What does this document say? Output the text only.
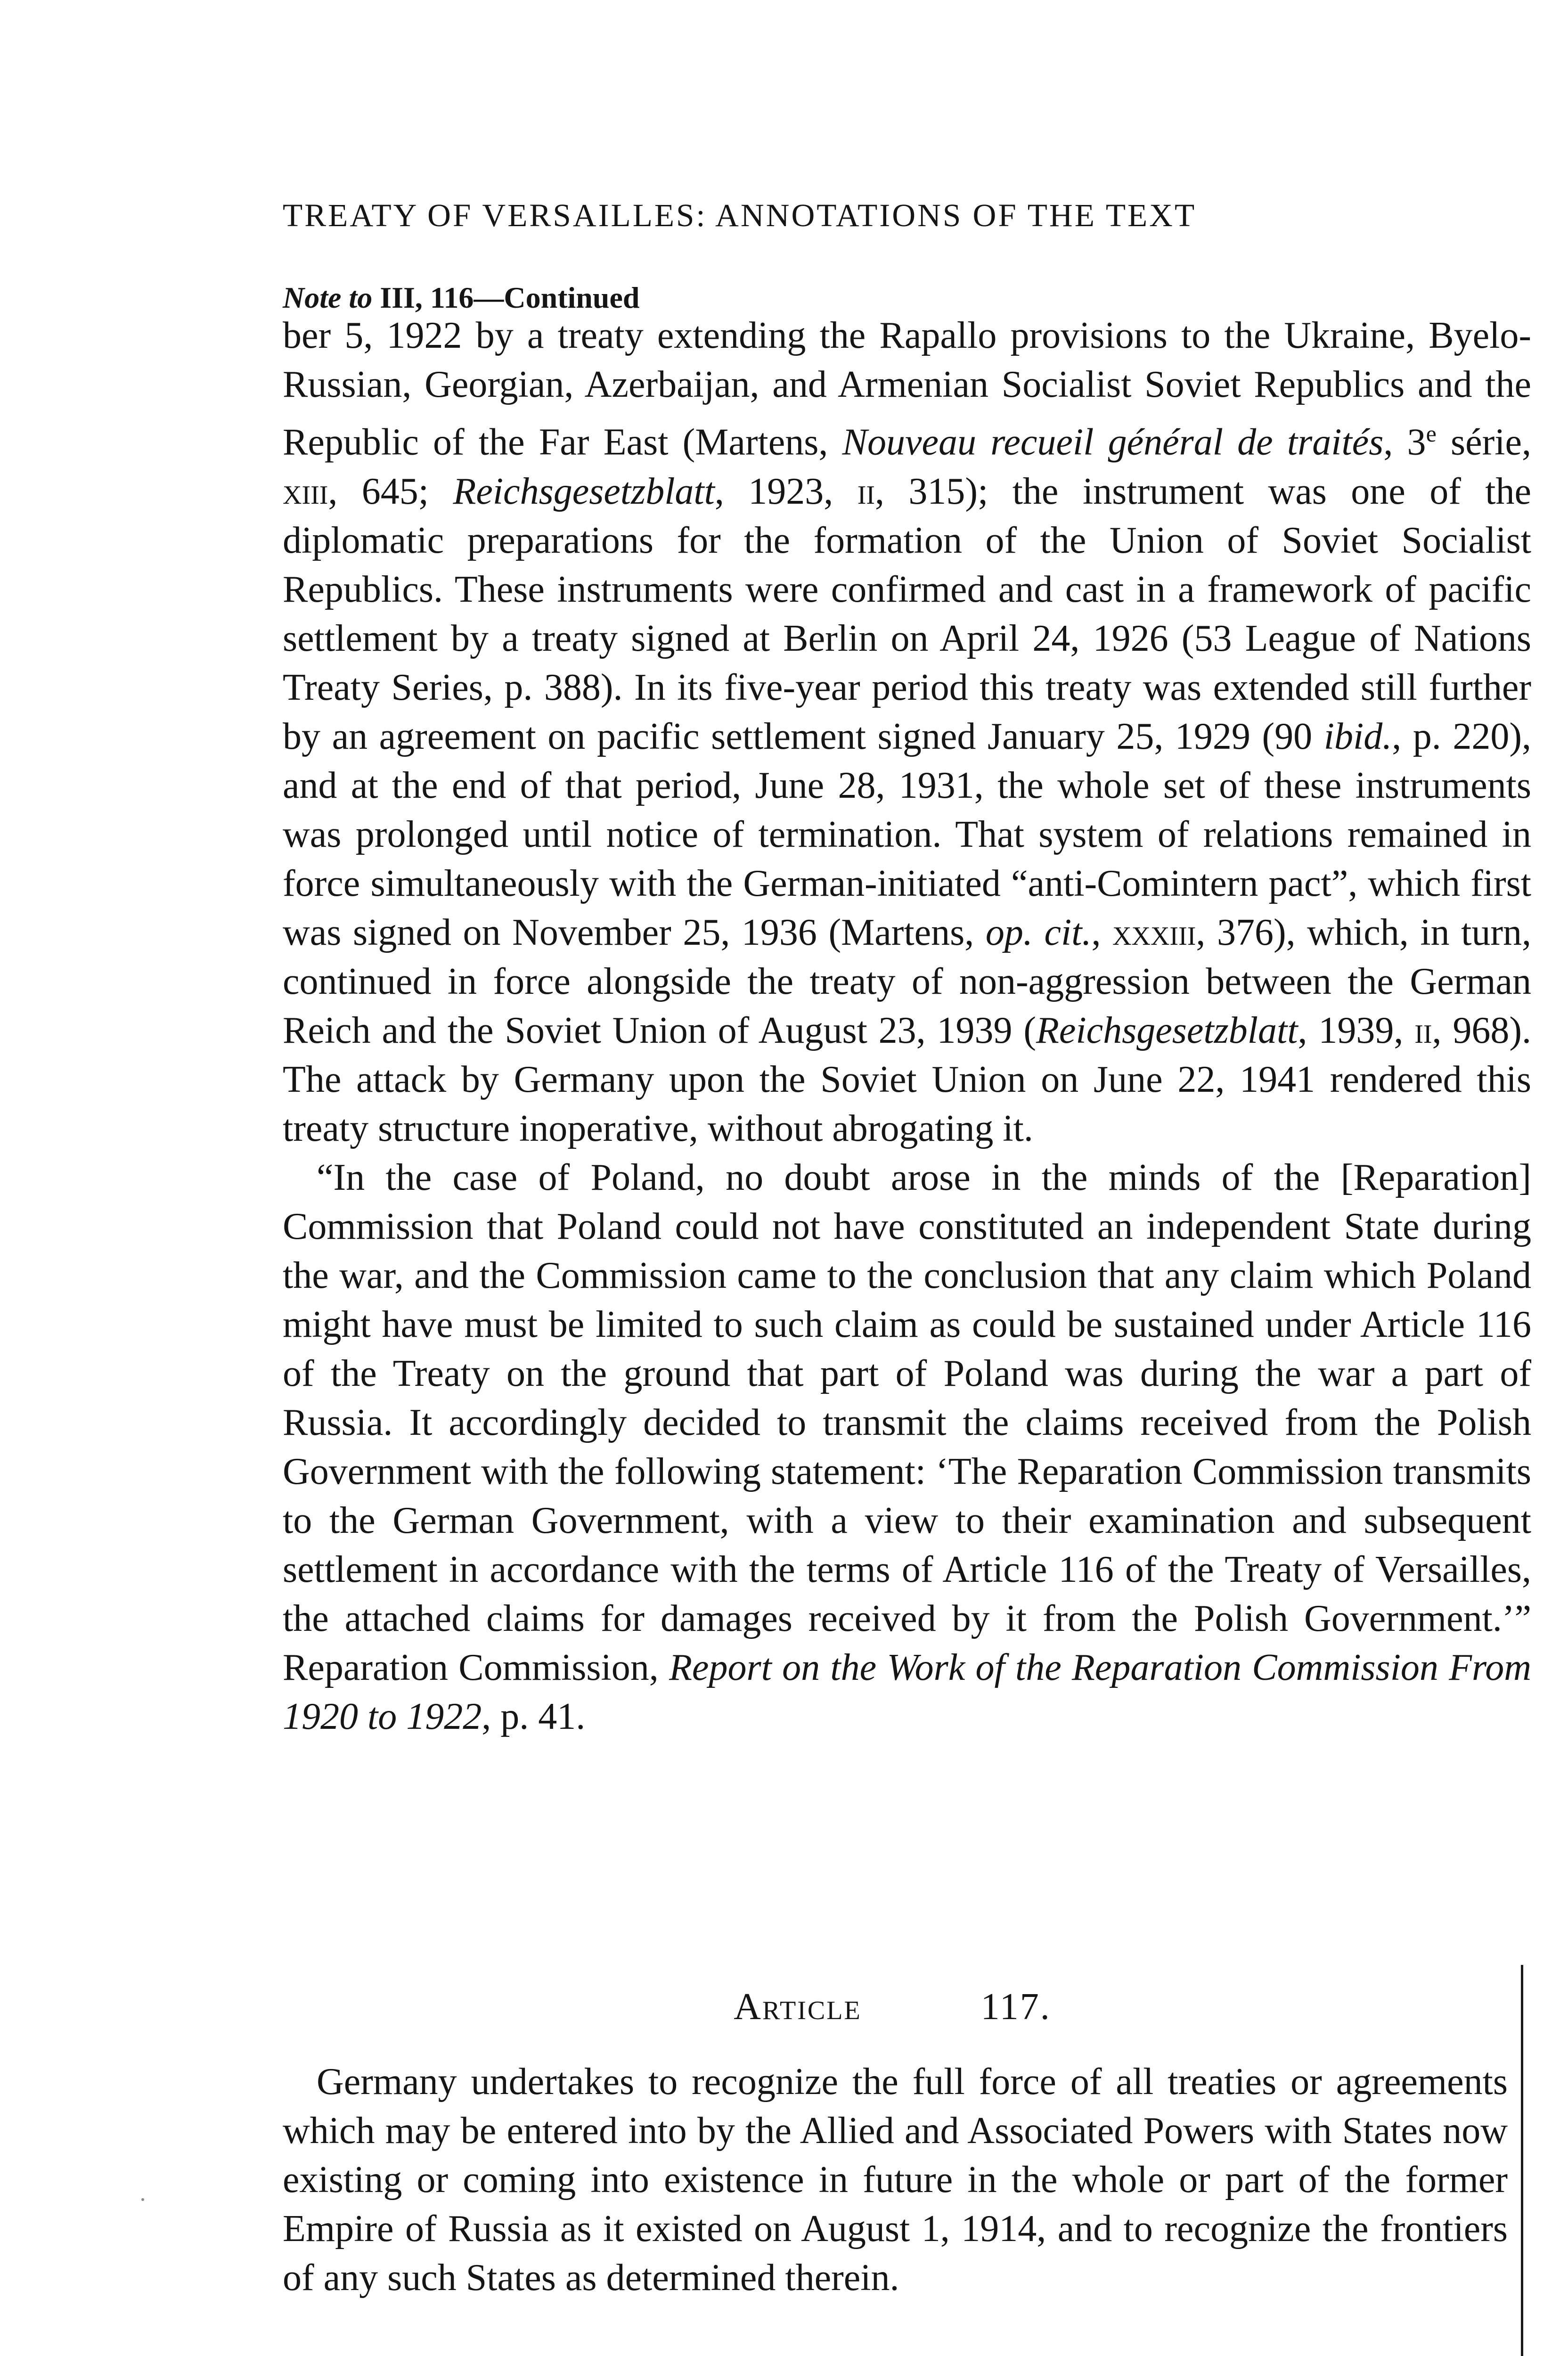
TREATY OF VERSAILLES: ANNOTATIONS OF THE TEXT
Note to III, 116—Continued

ber 5, 1922 by a treaty extending the Rapallo provisions to the Ukraine, Byelo-Russian, Georgian, Azerbaijan, and Armenian Socialist Soviet Republics and the Republic of the Far East (Martens, Nouveau recueil général de traités, 3e série, xiii, 645; Reichsgesetzblatt, 1923, ii, 315); the instrument was one of the diplomatic preparations for the formation of the Union of Soviet Socialist Republics. These instruments were confirmed and cast in a framework of pacific settlement by a treaty signed at Berlin on April 24, 1926 (53 League of Nations Treaty Series, p. 388). In its five-year period this treaty was extended still further by an agreement on pacific settlement signed January 25, 1929 (90 ibid., p. 220), and at the end of that period, June 28, 1931, the whole set of these instruments was prolonged until notice of termination. That system of relations remained in force simultaneously with the German-initiated “anti-Comintern pact”, which first was signed on November 25, 1936 (Martens, op. cit., xxxiii, 376), which, in turn, continued in force alongside the treaty of non-aggression between the German Reich and the Soviet Union of August 23, 1939 (Reichsgesetzblatt, 1939, ii, 968). The attack by Germany upon the Soviet Union on June 22, 1941 rendered this treaty structure inoperative, without abrogating it.

“In the case of Poland, no doubt arose in the minds of the [Reparation] Commission that Poland could not have constituted an independent State during the war, and the Commission came to the conclusion that any claim which Poland might have must be limited to such claim as could be sustained under Article 116 of the Treaty on the ground that part of Poland was during the war a part of Russia. It accordingly decided to transmit the claims received from the Polish Government with the following statement: ‘The Reparation Commission transmits to the German Government, with a view to their examination and subsequent settlement in accordance with the terms of Article 116 of the Treaty of Versailles, the attached claims for damages received by it from the Polish Government.’” Reparation Commission, Report on the Work of the Reparation Commission From 1920 to 1922, p. 41.

Article	117.

Germany undertakes to recognize the full force of all treaties or agreements which may be entered into by the Allied and Associated Powers with States now existing or coming into existence in future in the whole or part of the former Empire of Russia as it existed on August 1, 1914, and to recognize the frontiers of any such States as determined therein.
